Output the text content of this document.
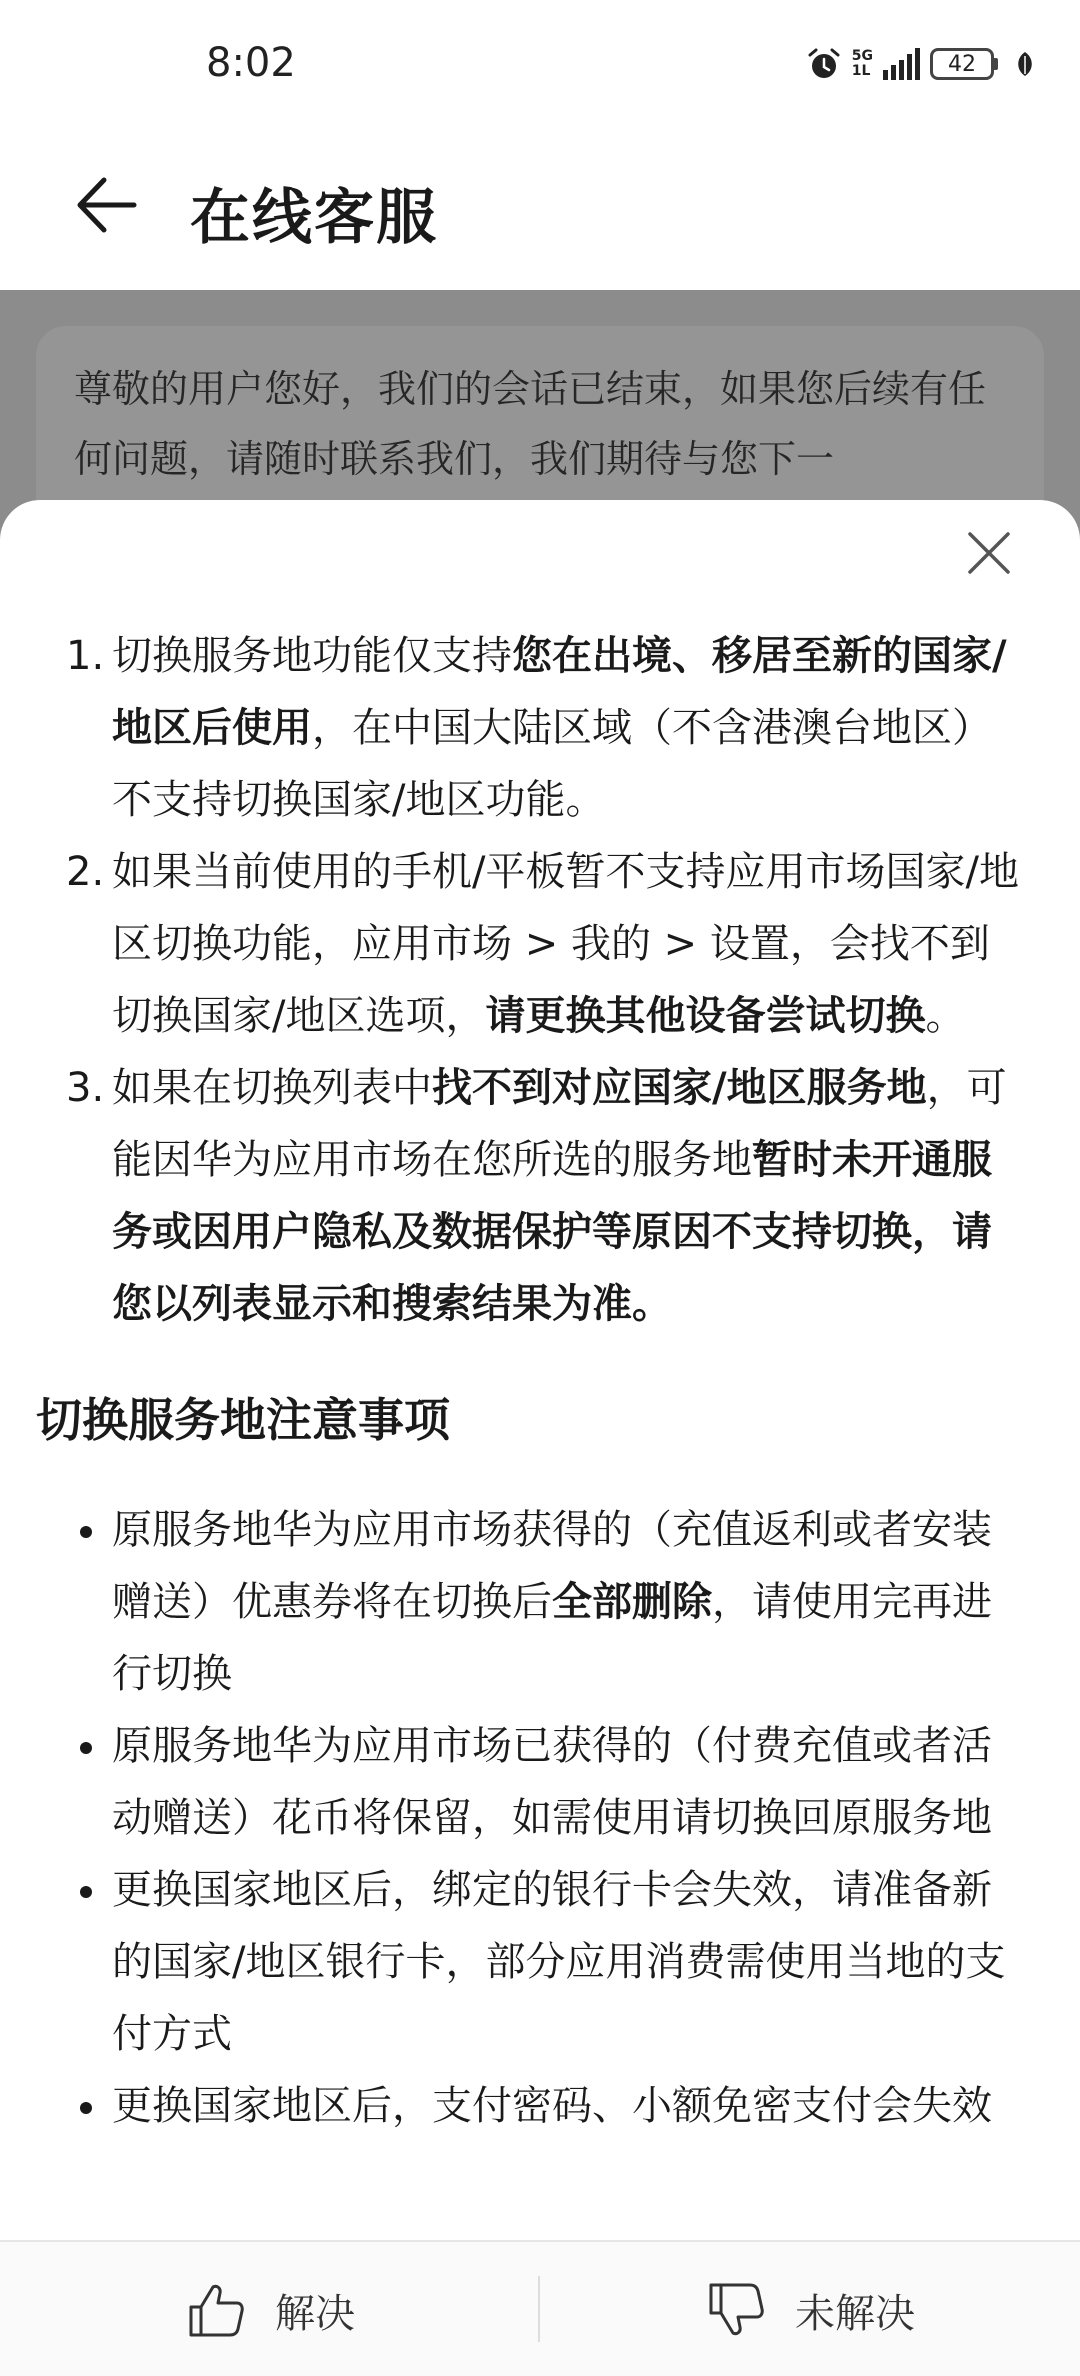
8:02	5G
1L	42
在线客服
尊敬的用户您好，我们的会话已结束，如果您后续有任何问题，请随时联系我们，我们期待与您下一
1. 切换服务地功能仅支持您在出境、移居至新的国家/地区后使用，在中国大陆区域（不含港澳台地区）不支持切换国家/地区功能。
2. 如果当前使用的手机/平板暂不支持应用市场国家/地区切换功能，应用市场 > 我的 > 设置，会找不到切换国家/地区选项，请更换其他设备尝试切换。
3. 如果在切换列表中找不到对应国家/地区服务地，可能因华为应用市场在您所选的服务地暂时未开通服务或因用户隐私及数据保护等原因不支持切换，请您以列表显示和搜索结果为准。
切换服务地注意事项
原服务地华为应用市场获得的（充值返利或者安装赠送）优惠券将在切换后全部删除，请使用完再进行切换
原服务地华为应用市场已获得的（付费充值或者活动赠送）花币将保留，如需使用请切换回原服务地
更换国家地区后，绑定的银行卡会失效，请准备新的国家/地区银行卡，部分应用消费需使用当地的支付方式
更换国家地区后，支付密码、小额免密支付会失效
解决	未解决
